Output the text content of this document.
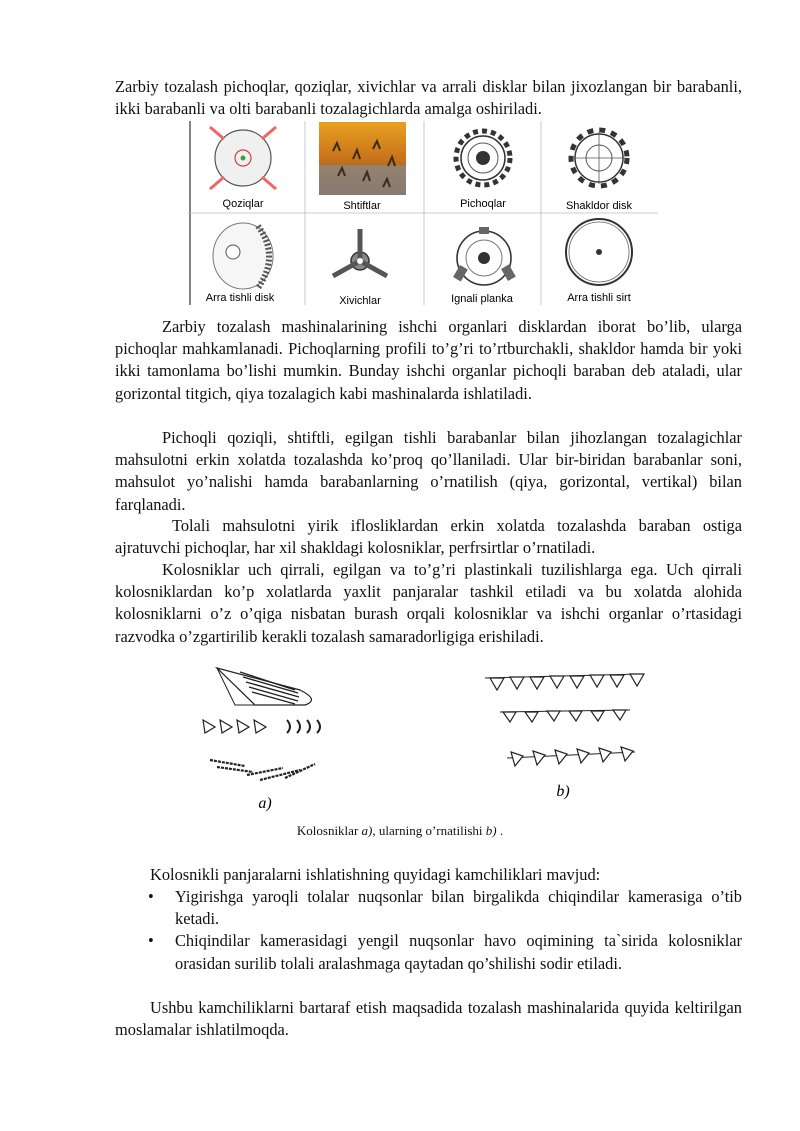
Zarbiy tozalash pichoqlar, qoziqlar, xivichlar va arrali disklar bilan jixozlangan bir barabanli, ikki barabanli va olti barabanli tozalagichlarda amalga oshiriladi.

Qoziqlar	Shtiftlar	Pichoqlar	Shakldor disk
Arra tishli disk	Xivichlar	Ignali planka	Arra tishli sirt

Zarbiy tozalash mashinalarining ishchi organlari disklardan iborat bo’lib, ularga pichoqlar mahkamlanadi. Pichoqlarning profili to’g’ri to’rtburchakli, shakldor hamda bir yoki ikki tamonlama bo’lishi mumkin. Bunday ishchi organlar pichoqli baraban deb ataladi, ular gorizontal titgich, qiya tozalagich kabi mashinalarda ishlatiladi.

Pichoqli qoziqli, shtiftli, egilgan tishli barabanlar bilan jihozlangan tozalagichlar mahsulotni erkin xolatda tozalashda ko’proq qo’llaniladi. Ular bir-biridan barabanlar soni, mahsulot yo’nalishi hamda barabanlarning o’rnatilish (qiya, gorizontal, vertikal) bilan farqlanadi.

Tolali mahsulotni yirik iflosliklardan erkin xolatda tozalashda baraban ostiga ajratuvchi pichoqlar, har xil shakldagi kolosniklar, perfrsirtlar o’rnatiladi.

Kolosniklar uch qirrali, egilgan va to’g’ri plastinkali tuzilishlarga ega. Uch qirrali kolosniklardan ko’p xolatlarda yaxlit panjaralar tashkil etiladi va bu xolatda alohida kolosniklarni o’z o’qiga nisbatan burash orqali kolosniklar va ishchi organlar o’rtasidagi razvodka o’zgartirilib kerakli tozalash samaradorligiga erishiladi.

a)
b)
Kolosniklar a), ularning o’rnatilishi b) .

Kolosnikli panjaralarni ishlatishning quyidagi kamchiliklari mavjud:

• Yigirishga yaroqli tolalar nuqsonlar bilan birgalikda chiqindilar kamerasiga o’tib ketadi.
• Chiqindilar kamerasidagi yengil nuqsonlar havo oqimining ta`sirida kolosniklar orasidan surilib tolali aralashmaga qaytadan qo’shilishi sodir etiladi.

Ushbu kamchiliklarni bartaraf etish maqsadida tozalash mashinalarida quyida keltirilgan moslamalar ishlatilmoqda.
